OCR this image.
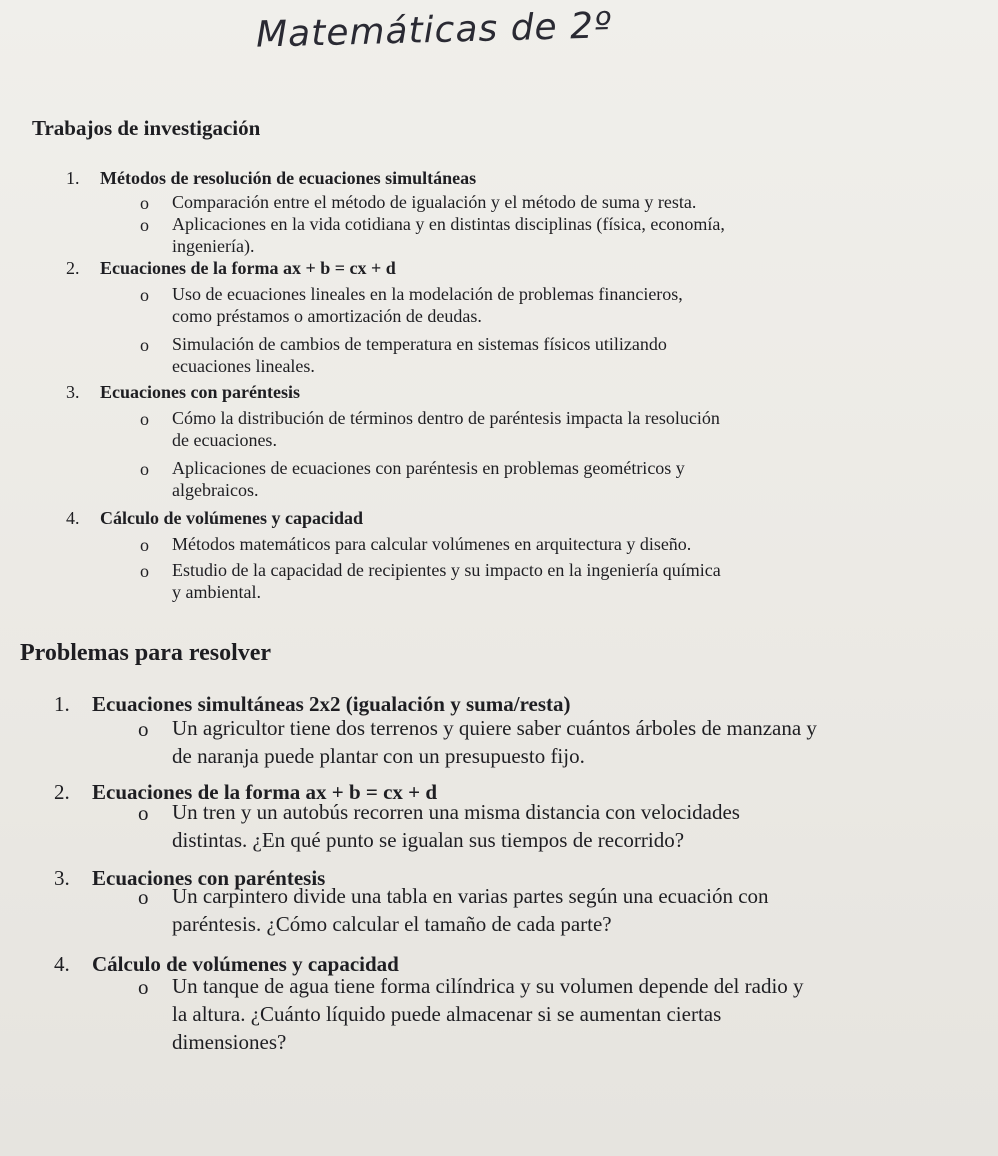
Matemáticas de 2º
Trabajos de investigación
1. Métodos de resolución de ecuaciones simultáneas
o Comparación entre el método de igualación y el método de suma y resta.
o Aplicaciones en la vida cotidiana y en distintas disciplinas (física, economía,
ingeniería).
2. Ecuaciones de la forma ax + b = cx + d
o Uso de ecuaciones lineales en la modelación de problemas financieros,
como préstamos o amortización de deudas.
o Simulación de cambios de temperatura en sistemas físicos utilizando
ecuaciones lineales.
3. Ecuaciones con paréntesis
o Cómo la distribución de términos dentro de paréntesis impacta la resolución
de ecuaciones.
o Aplicaciones de ecuaciones con paréntesis en problemas geométricos y
algebraicos.
4. Cálculo de volúmenes y capacidad
o Métodos matemáticos para calcular volúmenes en arquitectura y diseño.
o Estudio de la capacidad de recipientes y su impacto en la ingeniería química
y ambiental.
Problemas para resolver
1. Ecuaciones simultáneas 2x2 (igualación y suma/resta)
o Un agricultor tiene dos terrenos y quiere saber cuántos árboles de manzana y
de naranja puede plantar con un presupuesto fijo.
2. Ecuaciones de la forma ax + b = cx + d
o Un tren y un autobús recorren una misma distancia con velocidades
distintas. ¿En qué punto se igualan sus tiempos de recorrido?
3. Ecuaciones con paréntesis
o Un carpintero divide una tabla en varias partes según una ecuación con
paréntesis. ¿Cómo calcular el tamaño de cada parte?
4. Cálculo de volúmenes y capacidad
o Un tanque de agua tiene forma cilíndrica y su volumen depende del radio y
la altura. ¿Cuánto líquido puede almacenar si se aumentan ciertas
dimensiones?
